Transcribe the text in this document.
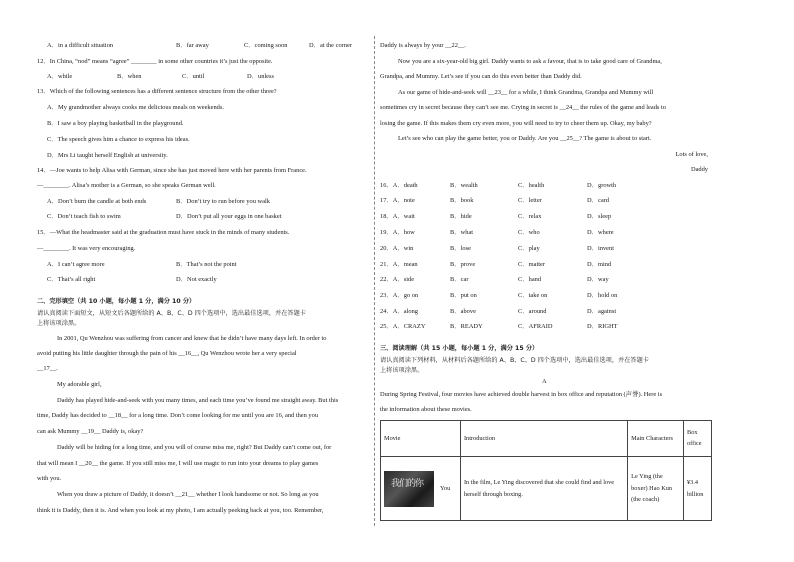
A．in a difficult situation	B．far away	C．coming soon	D．at the corner
12．In China, “nod” means “agree” ________ in some other countries it’s just the opposite.
A．while	B．when	C．until	D．unless
13．Which of the following sentences has a different sentence structure from the other three?
A．My grandmother always cooks me delicious meals on weekends.
B．I saw a boy playing basketball in the playground.
C．The speech gives him a chance to express his ideas.
D．Mrs Li taught herself English at university.
14．—Joe wants to help Alisa with German, since she has just moved here with her parents from France.
—________. Alisa’s mother is a German, so she speaks German well.
A．Don’t burn the candle at both ends	B．Don’t try to run before you walk
C．Don’t teach fish to swim	D．Don’t put all your eggs in one basket
15．—What the headmaster said at the graduation must have stuck in the minds of many students.
—________. It was very encouraging.
A．I can’t agree more	B．That’s not the point
C．That’s all right	D．Not exactly
二、完形填空（共 10 小题，每小题 1 分，满分 10 分）
请认真阅读下面短文，从短文后各题所给的 A、B、C、D 四个选项中，选出最佳选项，并在答题卡
上将该项涂黑。
In 2001, Qu Wenzhou was suffering from cancer and knew that he didn’t have many days left. In order to
avoid putting his little daughter through the pain of his __16__, Qu Wenzhou wrote her a very special
__17__.
My adorable girl,
Daddy has played hide-and-seek with you many times, and each time you’ve found me straight away. But this
time, Daddy has decided to __18__ for a long time. Don’t come looking for me until you are 16, and then you
can ask Mummy __19__ Daddy is, okay?
Daddy will be hiding for a long time, and you will of course miss me, right? But Daddy can’t come out, for
that will mean I __20__ the game. If you still miss me, I will use magic to run into your dreams to play games
with you.
When you draw a picture of Daddy, it doesn’t __21__ whether I look handsome or not. So long as you
think it is Daddy, then it is. And when you look at my photo, I am actually peeking back at you, too. Remember,
Daddy is always by your __22__.
Now you are a six-year-old big girl. Daddy wants to ask a favour, that is to take good care of Grandma,
Grandpa, and Mummy. Let’s see if you can do this even better than Daddy did.
As our game of hide-and-seek will __23__ for a while, I think Grandma, Grandpa and Mummy will
sometimes cry in secret because they can’t see me. Crying in secret is __24__ the rules of the game and leads to
losing the game. If this makes them cry even more, you will need to try to cheer them up. Okay, my baby?
Let’s see who can play the game better, you or Daddy. Are you __25__? The game is about to start.
Lots of love,
Daddy
16．A．death	B．wealth	C．health	D．growth
17．A．note	B．book	C．letter	D．card
18．A．wait	B．hide	C．relax	D．sleep
19．A．how	B．what	C．who	D．where
20．A．win	B．lose	C．play	D．invent
21．A．mean	B．prove	C．matter	D．mind
22．A．side	B．car	C．hand	D．way
23．A．go on	B．put on	C．take on	D．hold on
24．A．along	B．above	C．around	D．against
25．A．CRAZY	B．READY	C．AFRAID	D．RIGHT
三、阅读理解（共 15 小题，每小题 1 分，满分 15 分）
请认真阅读下列材料，从材料后各题所给的 A、B、C、D 四个选项中，选出最佳选项，并在答题卡
上将该项涂黑。
A
During Spring Festival, four movies have achieved double harvest in box office and reputation (声誉). Here is
the information about these movies.
Movie	Introduction	Main Characters	Box office

我们的你 You	In the film, Le Ying discovered that she could find and love herself through boxing.	Le Ying (the boxer) Hao Kun (the coach)	¥3.4 billion
